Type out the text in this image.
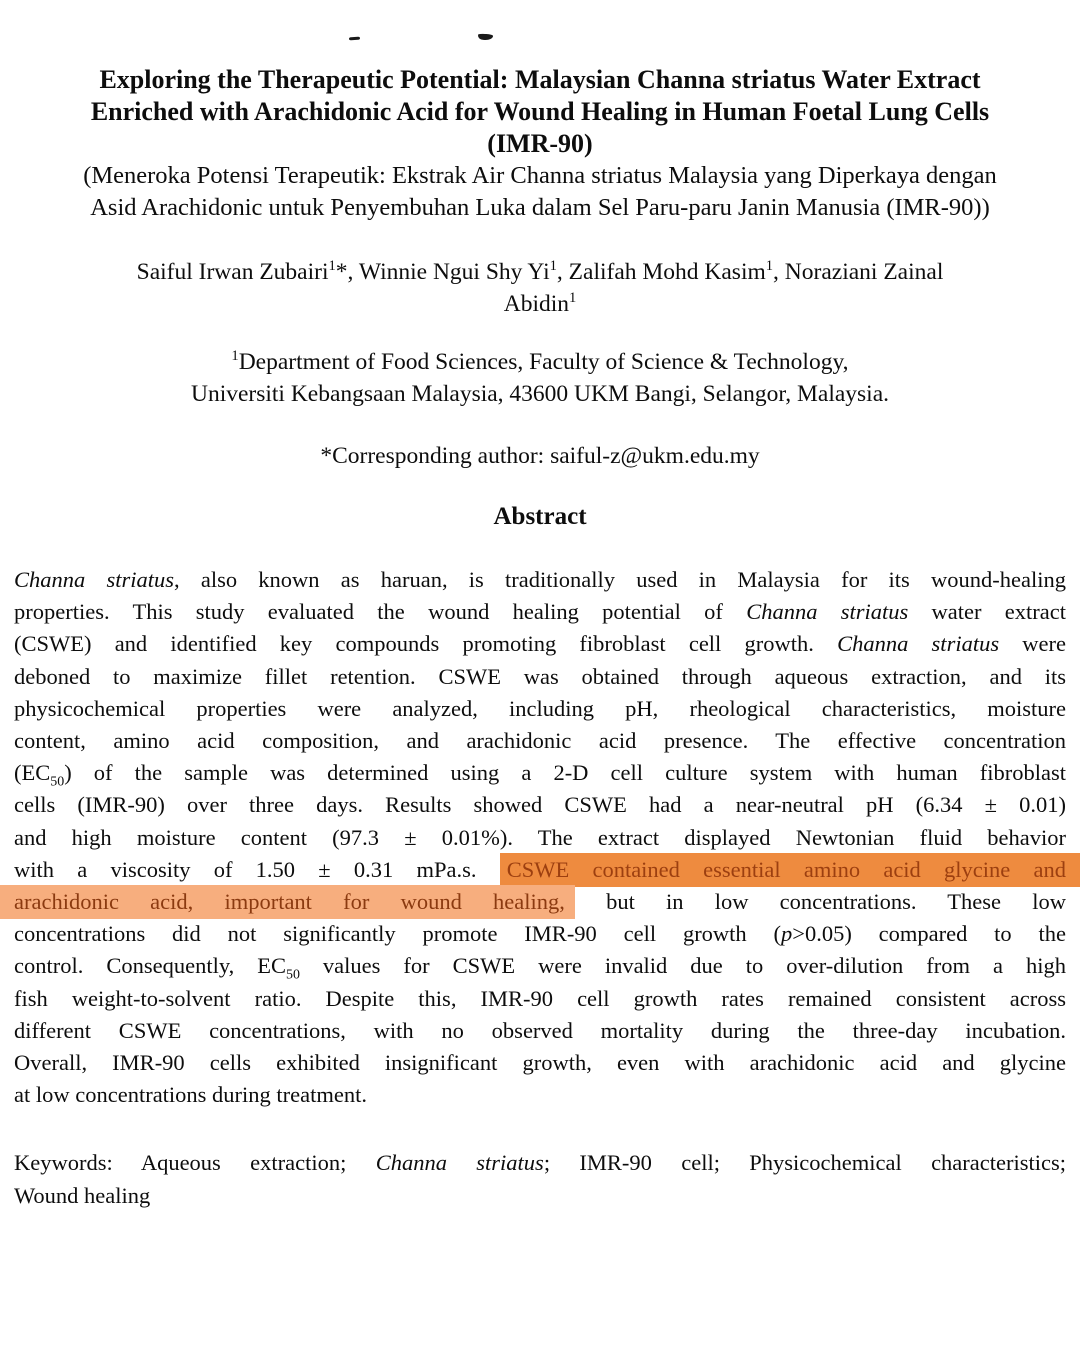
Exploring the Therapeutic Potential: Malaysian Channa striatus Water Extract
Enriched with Arachidonic Acid for Wound Healing in Human Foetal Lung Cells
(IMR-90)
(Meneroka Potensi Terapeutik: Ekstrak Air Channa striatus Malaysia yang Diperkaya dengan
Asid Arachidonic untuk Penyembuhan Luka dalam Sel Paru-paru Janin Manusia (IMR-90))
Saiful Irwan Zubairi$^1$*, Winnie Ngui Shy Yi$^1$, Zalifah Mohd Kasim$^1$, Noraziani Zainal
Abidin$^1$
$^1$Department of Food Sciences, Faculty of Science & Technology,
Universiti Kebangsaan Malaysia, 43600 UKM Bangi, Selangor, Malaysia.
*Corresponding author: saiful-z@ukm.edu.my
Abstract
Channa striatus, also known as haruan, is traditionally used in Malaysia for its wound-healing
properties. This study evaluated the wound healing potential of Channa striatus water extract
(CSWE) and identified key compounds promoting fibroblast cell growth. Channa striatus were
deboned to maximize fillet retention. CSWE was obtained through aqueous extraction, and its
physicochemical properties were analyzed, including pH, rheological characteristics, moisture
content, amino acid composition, and arachidonic acid presence. The effective concentration
$(EC_{50})$ of the sample was determined using a 2-D cell culture system with human fibroblast
cells (IMR-90) over three days. Results showed CSWE had a near-neutral pH (6.34 ± 0.01)
and high moisture content (97.3 ± 0.01%). The extract displayed Newtonian fluid behavior
with a viscosity of 1.50 ± 0.31 mPa.s. CSWE contained essential amino acid glycine and
arachidonic acid, important for wound healing, but in low concentrations. These low
concentrations did not significantly promote IMR-90 cell growth (p>0.05) compared to the
control. Consequently, $EC_{50}$ values for CSWE were invalid due to over-dilution from a high
fish weight-to-solvent ratio. Despite this, IMR-90 cell growth rates remained consistent across
different CSWE concentrations, with no observed mortality during the three-day incubation.
Overall, IMR-90 cells exhibited insignificant growth, even with arachidonic acid and glycine
at low concentrations during treatment.
Keywords: Aqueous extraction; Channa striatus; IMR-90 cell; Physicochemical characteristics;
Wound healing
